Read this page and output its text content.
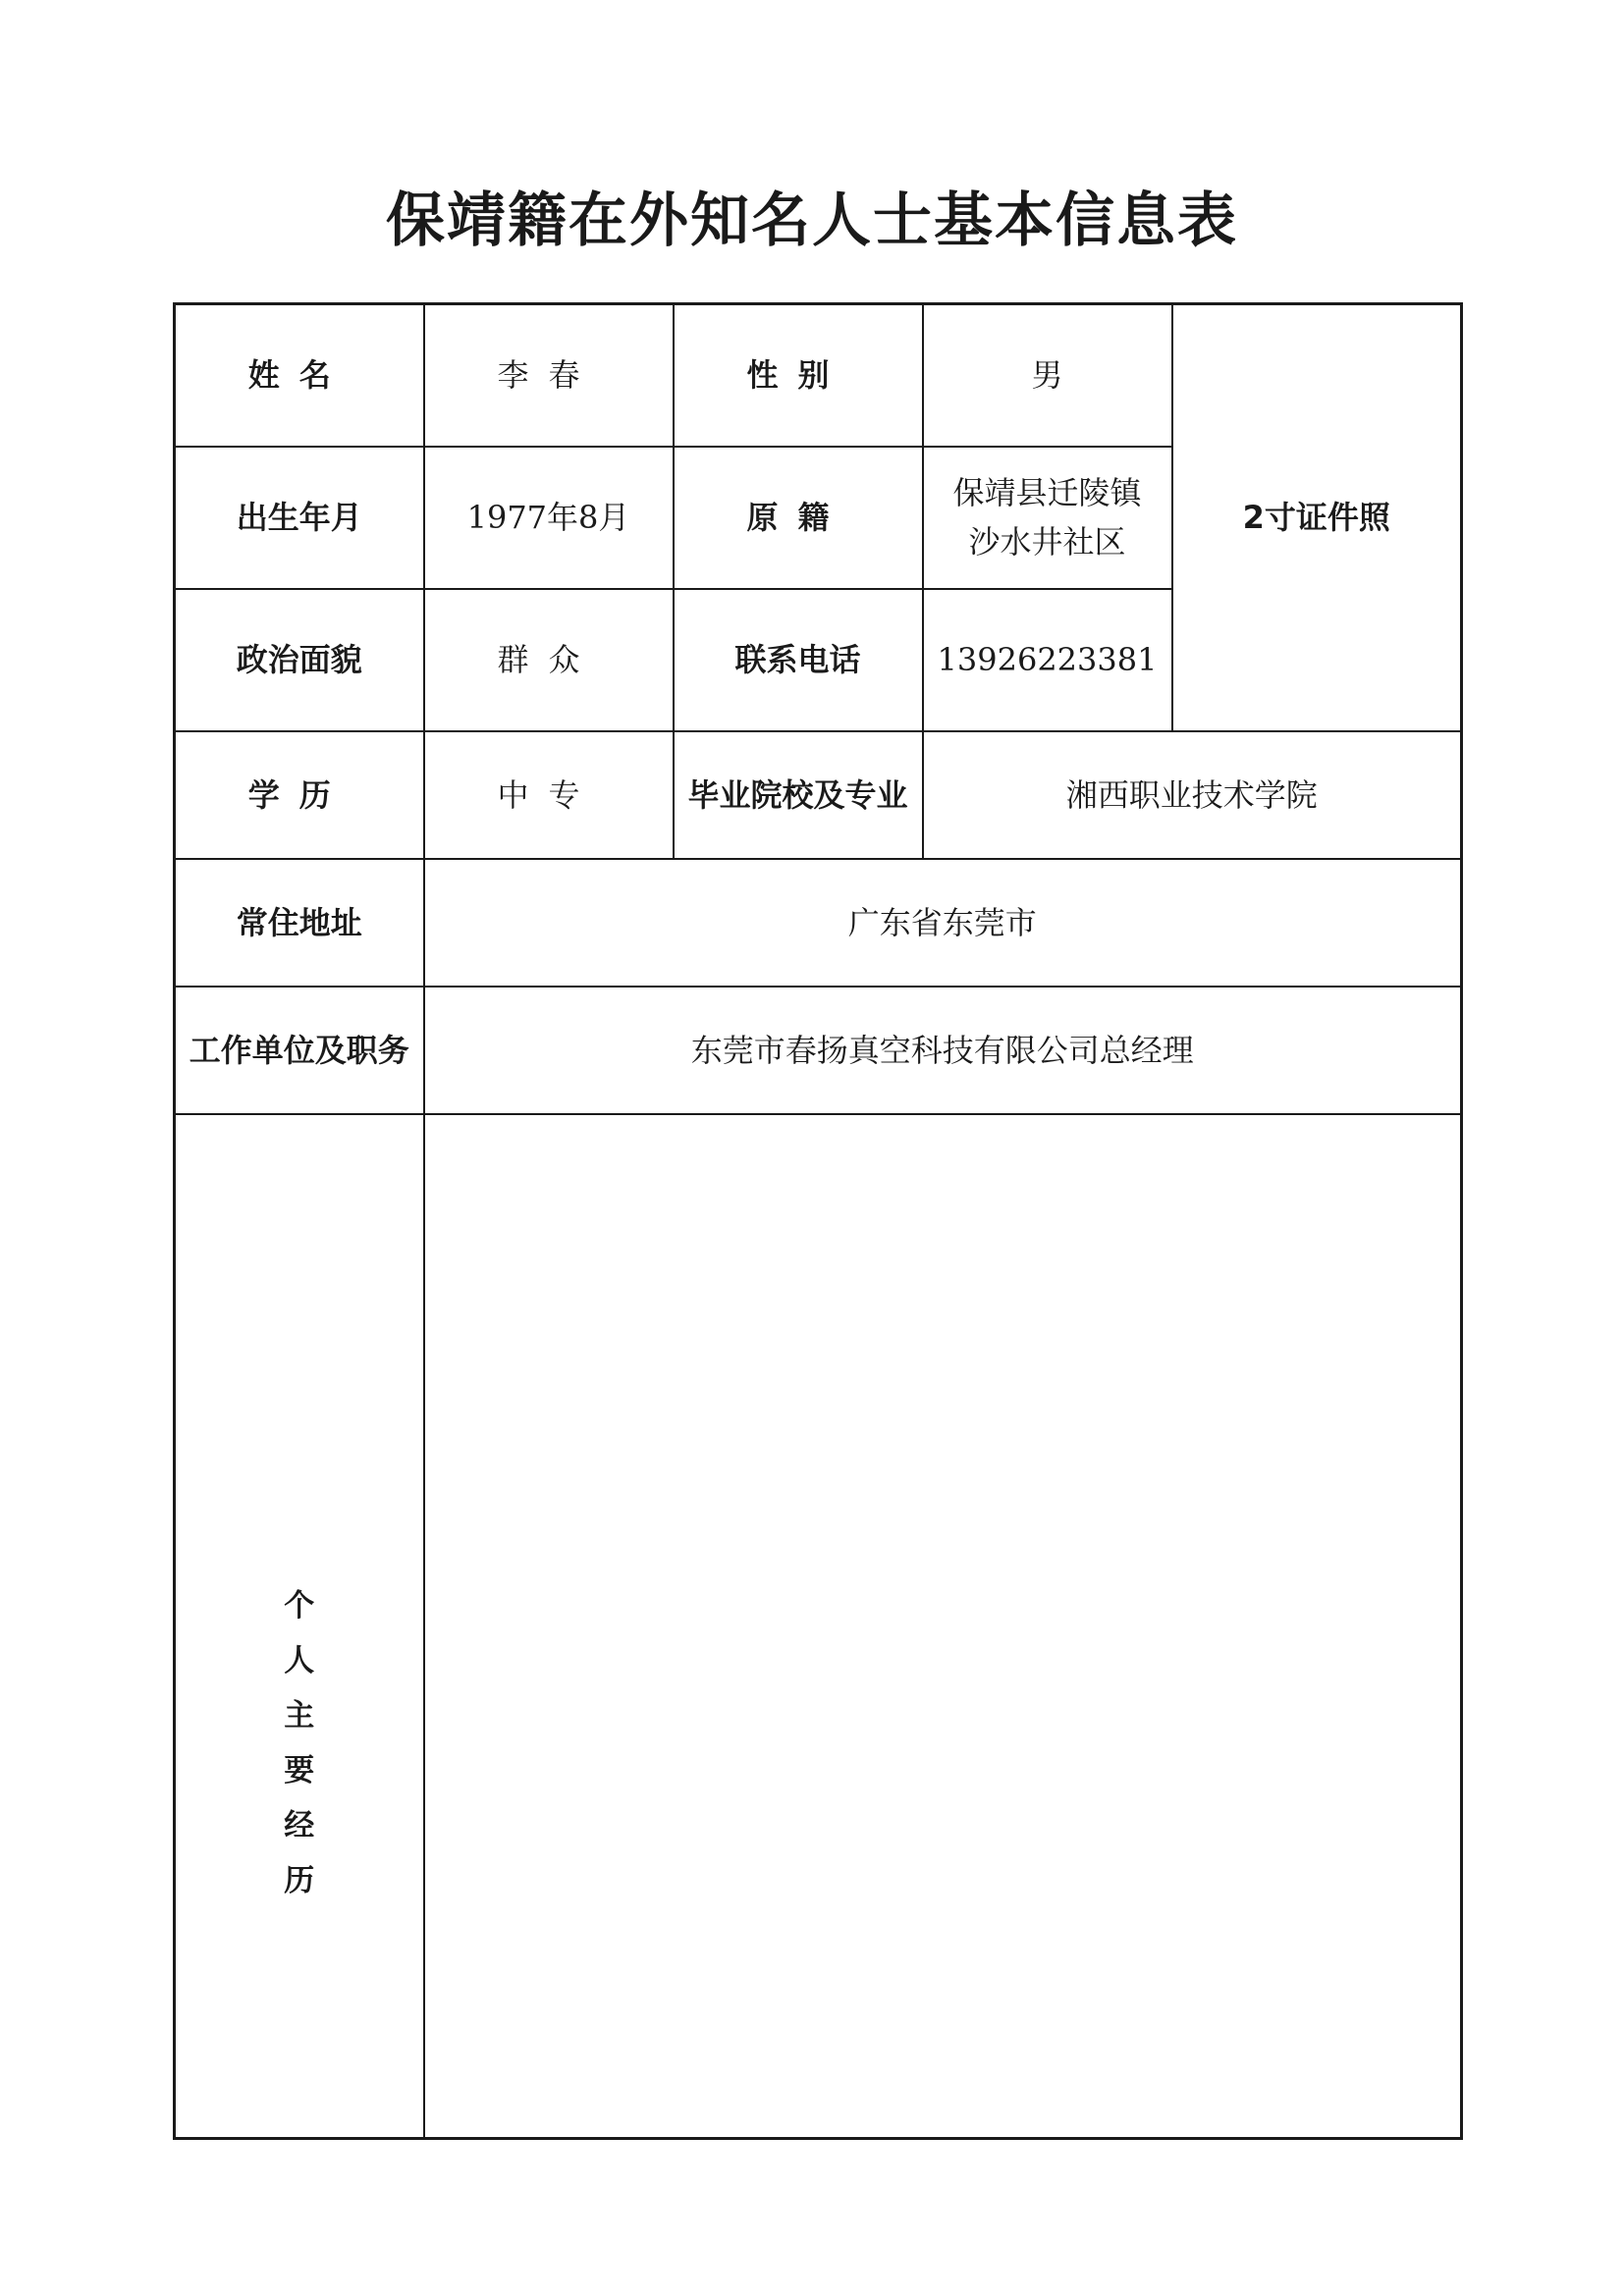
保靖籍在外知名人士基本信息表
姓名	李春	性别	男	2寸证件照
出生年月	1977年8月	原籍	保靖县迁陵镇
沙水井社区	

政治面貌	群众	联系电话	13926223381	
学历	中专	毕业院校及专业	湘西职业技术学院	
常住地址	广东省东莞市			
工作单位及职务	东莞市春扬真空科技有限公司总经理			
个人主要经历				
